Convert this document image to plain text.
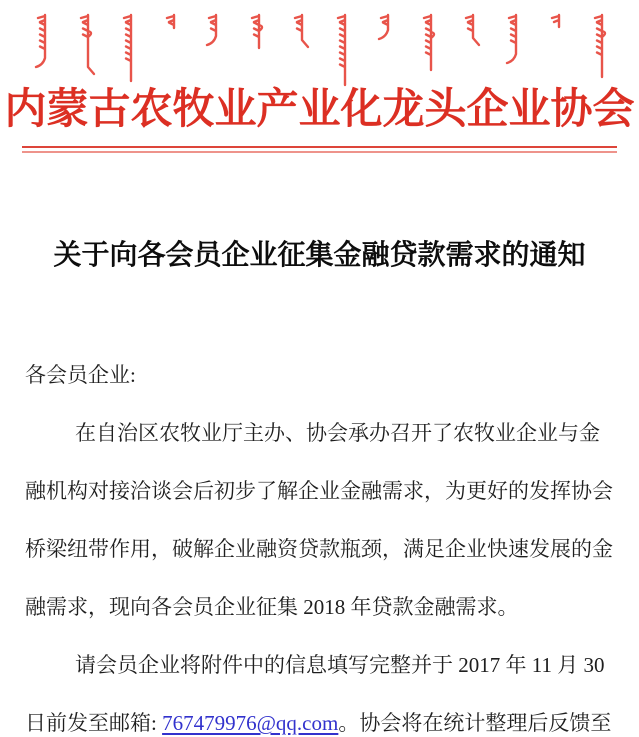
内蒙古农牧业产业化龙头企业协会
关于向各会员企业征集金融贷款需求的通知
各会员企业:
在自治区农牧业厅主办、协会承办召开了农牧业企业与金
融机构对接洽谈会后初步了解企业金融需求，为更好的发挥协会
桥梁纽带作用，破解企业融资贷款瓶颈，满足企业快速发展的金
融需求，现向各会员企业征集 2018 年贷款金融需求。
请会员企业将附件中的信息填写完整并于 2017 年 11 月 30
日前发至邮箱: 767479976@qq.com。协会将在统计整理后反馈至
